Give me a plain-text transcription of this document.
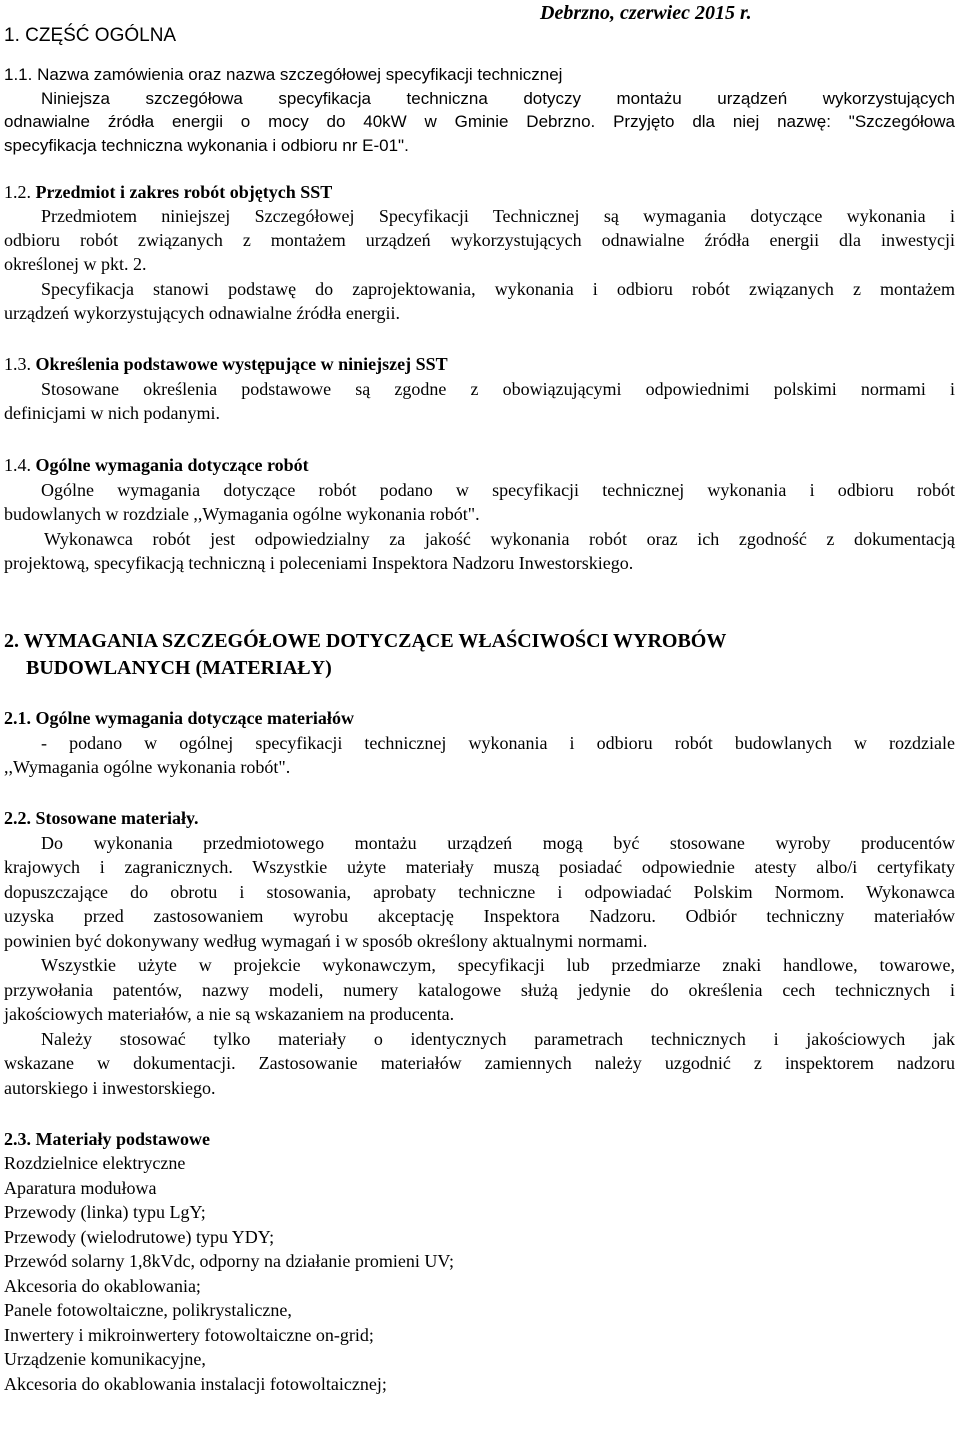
1. CZĘŚĆ OGÓLNA
Debrzno, czerwiec 2015 r.
1.1. Nazwa zamówienia oraz nazwa szczegółowej specyfikacji technicznej
Niniejsza szczegółowa specyfikacja techniczna dotyczy montażu urządzeń wykorzystujących
odnawialne źródła energii o mocy do 40kW w Gminie Debrzno. Przyjęto dla niej nazwę: "Szczegółowa
specyfikacja techniczna wykonania i odbioru nr E-01".
1.2. Przedmiot i zakres robót objętych SST
Przedmiotem niniejszej Szczegółowej Specyfikacji Technicznej są wymagania dotyczące wykonania i
odbioru robót związanych z montażem urządzeń wykorzystujących odnawialne źródła energii dla inwestycji
określonej w pkt. 2.
Specyfikacja stanowi podstawę do zaprojektowania, wykonania i odbioru robót związanych z montażem
urządzeń wykorzystujących odnawialne źródła energii.
1.3. Określenia podstawowe występujące w niniejszej SST
Stosowane określenia podstawowe są zgodne z obowiązującymi odpowiednimi polskimi normami i
definicjami w nich podanymi.
1.4. Ogólne wymagania dotyczące robót
Ogólne wymagania dotyczące robót podano w specyfikacji technicznej wykonania i odbioru robót
budowlanych w rozdziale ,,Wymagania ogólne wykonania robót".
Wykonawca robót jest odpowiedzialny za jakość wykonania robót oraz ich zgodność z dokumentacją
projektową, specyfikacją techniczną i poleceniami Inspektora Nadzoru Inwestorskiego.
2. WYMAGANIA SZCZEGÓŁOWE DOTYCZĄCE WŁAŚCIWOŚCI WYROBÓW
BUDOWLANYCH (MATERIAŁY)
2.1. Ogólne wymagania dotyczące materiałów
- podano w ogólnej specyfikacji technicznej wykonania i odbioru robót budowlanych w rozdziale
,,Wymagania ogólne wykonania robót".
2.2. Stosowane materiały.
Do wykonania przedmiotowego montażu urządzeń mogą być stosowane wyroby producentów
krajowych i zagranicznych. Wszystkie użyte materiały muszą posiadać odpowiednie atesty albo/i certyfikaty
dopuszczające do obrotu i stosowania, aprobaty techniczne i odpowiadać Polskim Normom. Wykonawca
uzyska przed zastosowaniem wyrobu akceptację Inspektora Nadzoru. Odbiór techniczny materiałów
powinien być dokonywany według wymagań i w sposób określony aktualnymi normami.
Wszystkie użyte w projekcie wykonawczym, specyfikacji lub przedmiarze znaki handlowe, towarowe,
przywołania patentów, nazwy modeli, numery katalogowe służą jedynie do określenia cech technicznych i
jakościowych materiałów, a nie są wskazaniem na producenta.
Należy stosować tylko materiały o identycznych parametrach technicznych i jakościowych jak
wskazane w dokumentacji. Zastosowanie materiałów zamiennych należy uzgodnić z inspektorem nadzoru
autorskiego i inwestorskiego.
2.3. Materiały podstawowe
Rozdzielnice elektryczne
Aparatura modułowa
Przewody (linka) typu LgY;
Przewody (wielodrutowe) typu YDY;
Przewód solarny 1,8kVdc, odporny na działanie promieni UV;
Akcesoria do okablowania;
Panele fotowoltaiczne, polikrystaliczne,
Inwertery i mikroinwertery fotowoltaiczne on-grid;
Urządzenie komunikacyjne,
Akcesoria do okablowania instalacji fotowoltaicznej;
